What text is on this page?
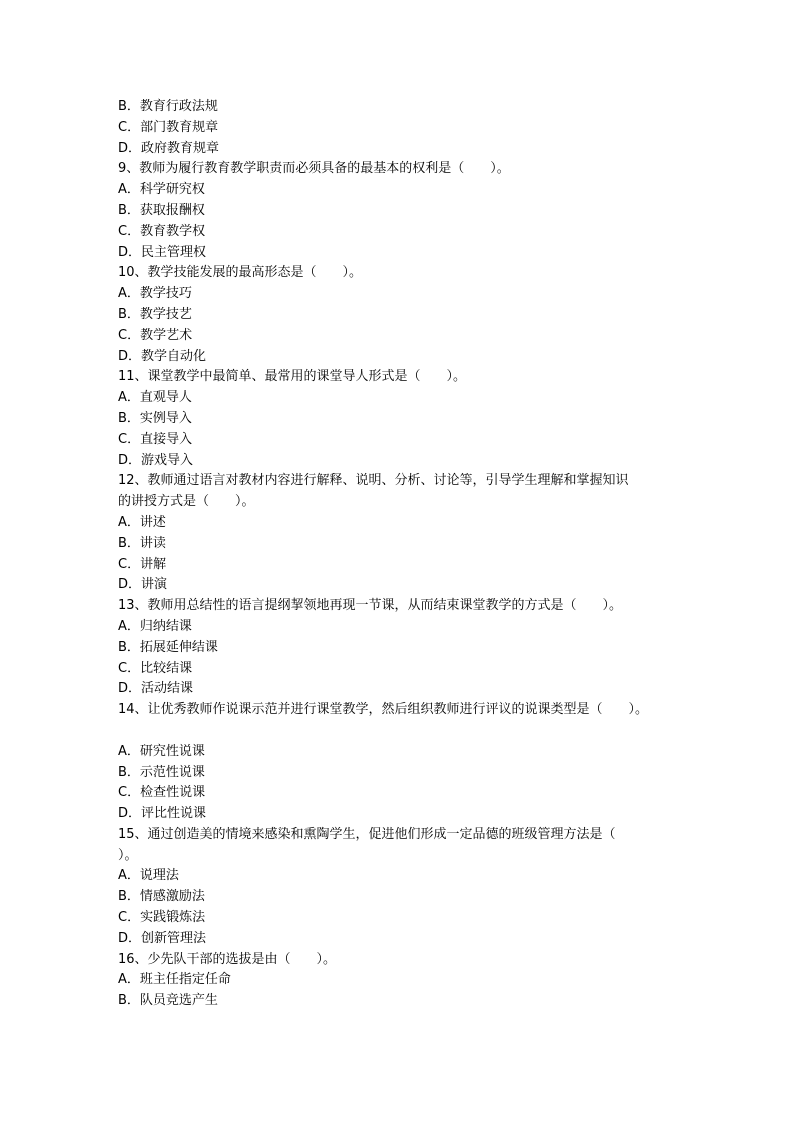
B．教育行政法规
C．部门教育规章
D．政府教育规章
9、教师为履行教育教学职责而必须具备的最基本的权利是（　　）。
A．科学研究权
B．获取报酬权
C．教育教学权
D．民主管理权
10、教学技能发展的最高形态是（　　）。
A．教学技巧
B．教学技艺
C．教学艺术
D．教学自动化
11、课堂教学中最简单、最常用的课堂导人形式是（　　）。
A．直观导人
B．实例导入
C．直接导入
D．游戏导入
12、教师通过语言对教材内容进行解释、说明、分析、讨论等，引导学生理解和掌握知识
的讲授方式是（　　）。
A．讲述
B．讲读
C．讲解
D．讲演
13、教师用总结性的语言提纲挈领地再现一节课，从而结束课堂教学的方式是（　　）。
A．归纳结课
B．拓展延伸结课
C．比较结课
D．活动结课
14、让优秀教师作说课示范并进行课堂教学，然后组织教师进行评议的说课类型是（　　）。
A．研究性说课
B．示范性说课
C．检查性说课
D．评比性说课
15、通过创造美的情境来感染和熏陶学生，促进他们形成一定品德的班级管理方法是（
）。
A．说理法
B．情感激励法
C．实践锻炼法
D．创新管理法
16、少先队干部的选拔是由（　　）。
A．班主任指定任命
B．队员竞选产生
